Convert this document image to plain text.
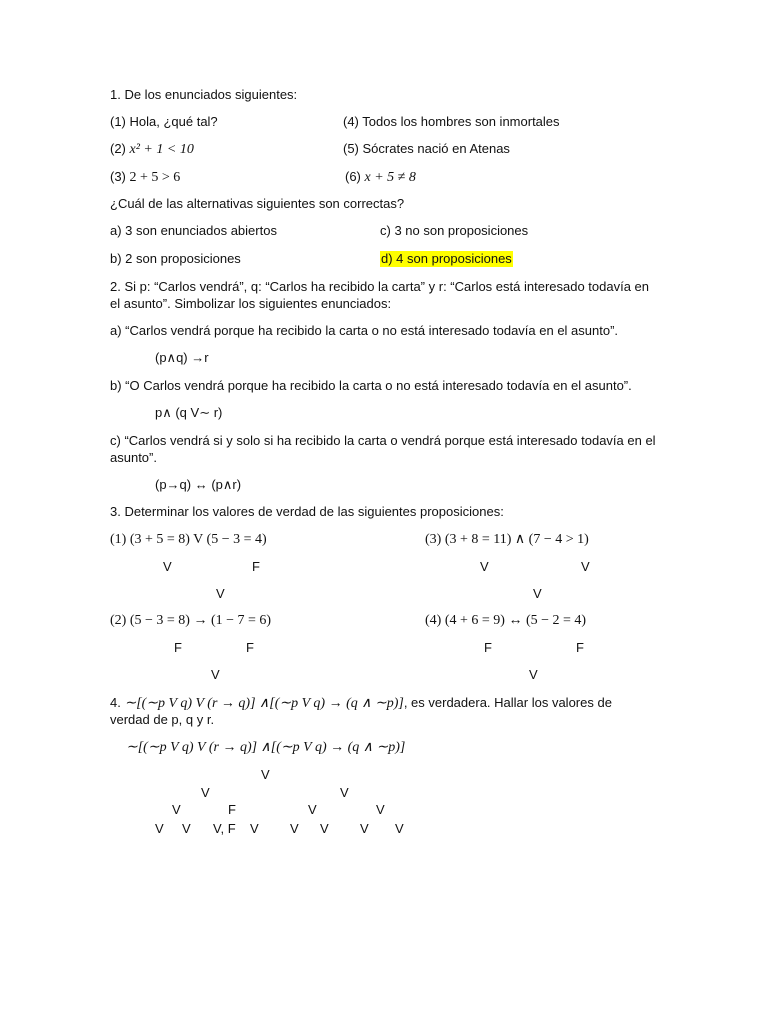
1. De los enunciados siguientes:
(1) Hola, ¿qué tal?	(4) Todos los hombres son inmortales
(2) x² + 1 < 10	(5) Sócrates nació en Atenas
(3) 2 + 5 > 6	(6) x + 5 ≠ 8
¿Cuál de las alternativas siguientes son correctas?
a) 3 son enunciados abiertos	c) 3 no son proposiciones
b) 2 son proposiciones	d) 4 son proposiciones
2. Si p: “Carlos vendrá”, q: “Carlos ha recibido la carta” y r: “Carlos está interesado todavía en el asunto”. Simbolizar los siguientes enunciados:
a) “Carlos vendrá porque ha recibido la carta o no está interesado todavía en el asunto”.
(p∧q) →r
b) “O Carlos vendrá porque ha recibido la carta o no está interesado todavía en el asunto”.
p∧ (q V∼ r)
c) “Carlos vendrá si y solo si ha recibido la carta o vendrá porque está interesado todavía en el asunto”.
(p→q) ↔ (p∧r)
3. Determinar los valores de verdad de las siguientes proposiciones:
(1) (3 + 5 = 8) V (5 − 3 = 4)	(3) (3 + 8 = 11) ∧ (7 − 4 > 1)
V	F	V	V
V	V
(2) (5 − 3 = 8) → (1 − 7 = 6)	(4) (4 + 6 = 9) ↔ (5 − 2 = 4)
F	F	F	F
V	V
4. ∼[(∼p V q) V (r → q)] ∧[(∼p V q) → (q ∧ ∼p)], es verdadera. Hallar los valores de
verdad de p, q y r.
∼[(∼p V q) V (r → q)] ∧[(∼p V q) → (q ∧ ∼p)]
V
V	V
V	F	V	V
V V V, F V V V V V
